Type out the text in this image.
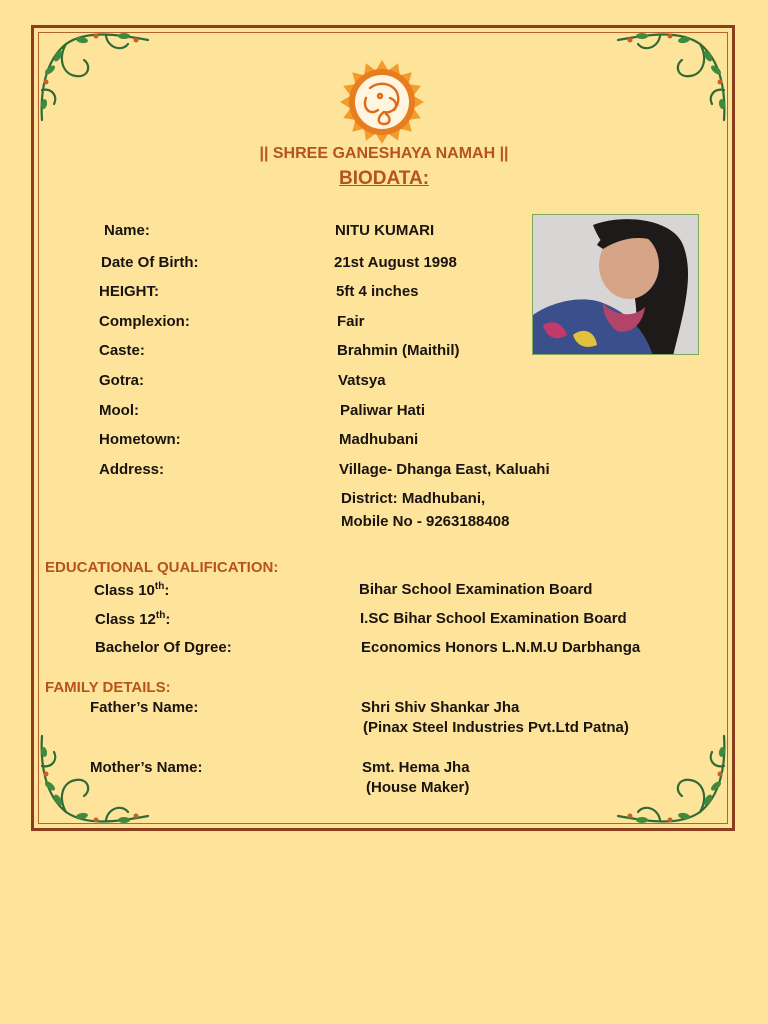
|| SHREE GANESHAYA NAMAH ||
BIODATA:
Name:	NITU KUMARI
Date Of Birth:	21st August 1998
HEIGHT:	5ft 4 inches
Complexion:	Fair
Caste:	Brahmin (Maithil)
Gotra:	Vatsya
Mool:	Paliwar Hati
Hometown:	Madhubani
Address:	Village- Dhanga East, Kaluahi
District: Madhubani,
Mobile No - 9263188408
EDUCATIONAL QUALIFICATION:
Class 10th:	Bihar School Examination Board
Class 12th:	I.SC Bihar School Examination Board
Bachelor Of Dgree:	Economics Honors L.N.M.U Darbhanga
FAMILY DETAILS:
Father’s Name:	Shri Shiv Shankar Jha
(Pinax Steel Industries Pvt.Ltd Patna)
Mother’s Name:	Smt. Hema Jha
(House Maker)
